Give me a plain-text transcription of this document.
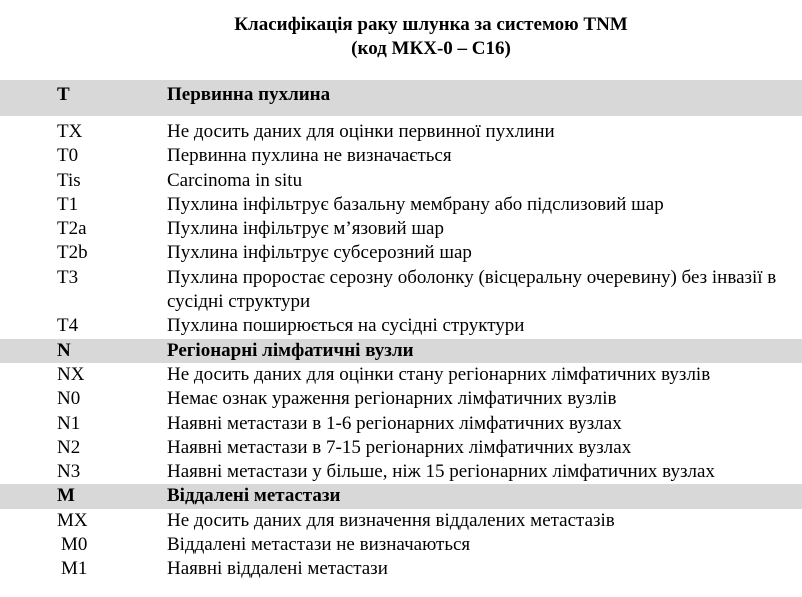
Класифікація раку шлунка за системою TNM
(код МКХ-0 – С16)
T	Первинна пухлина
TX	Не досить даних для оцінки первинної пухлини
T0	Первинна пухлина не визначається
Tis	Carcinoma in situ
T1	Пухлина інфільтрує базальну мембрану або підслизовий шар
T2a	Пухлина інфільтрує м’язовий шар
T2b	Пухлина інфільтрує субсерозний шар
T3	Пухлина проростає серозну оболонку (вісцеральну очеревину) без інвазії в сусідні структури
T4	Пухлина поширюється на сусідні структури
N	Регіонарні лімфатичні вузли
NX	Не досить даних для оцінки стану регіонарних лімфатичних вузлів
N0	Немає ознак ураження регіонарних лімфатичних вузлів
N1	Наявні метастази в 1-6 регіонарних лімфатичних вузлах
N2	Наявні метастази в 7-15 регіонарних лімфатичних вузлах
N3	Наявні метастази у більше, ніж 15 регіонарних лімфатичних вузлах
M	Віддалені метастази
MX	Не досить даних для визначення віддалених метастазів
M0	Віддалені метастази не визначаються
M1	Наявні віддалені метастази
